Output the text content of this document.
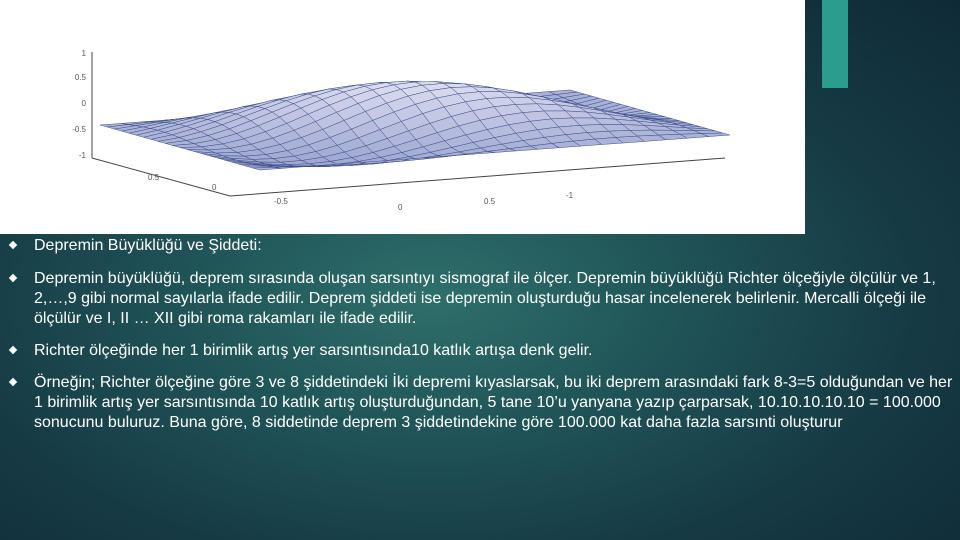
1
0.5
0
-0.5
-1
0.5
0
-0.5
0
0.5
-1
Depremin Büyüklüğü ve Şiddeti:
Depremin büyüklüğü, deprem sırasında oluşan sarsıntıyı sismograf ile ölçer. Depremin büyüklüğü Richter ölçeğiyle ölçülür ve 1, 2,…,9 gibi normal sayılarla ifade edilir. Deprem şiddeti ise depremin oluşturduğu hasar incelenerek belirlenir. Mercalli ölçeği ile ölçülür ve I, II … XII gibi roma rakamları ile ifade edilir.
Richter ölçeğinde her 1 birimlik artış yer sarsıntısında10 katlık artışa denk gelir.
Örneğin; Richter ölçeğine göre 3 ve 8 şiddetindeki İki depremi kıyaslarsak, bu iki deprem arasındaki fark 8-3=5 olduğundan ve her 1 birimlik artış yer sarsıntısında 10 katlık artış oluşturduğundan, 5 tane 10’u yanyana yazıp çarparsak, 10.10.10.10.10 = 100.000 sonucunu buluruz. Buna göre, 8 siddetinde deprem 3 şiddetindekine göre 100.000 kat daha fazla sarsınti oluşturur
